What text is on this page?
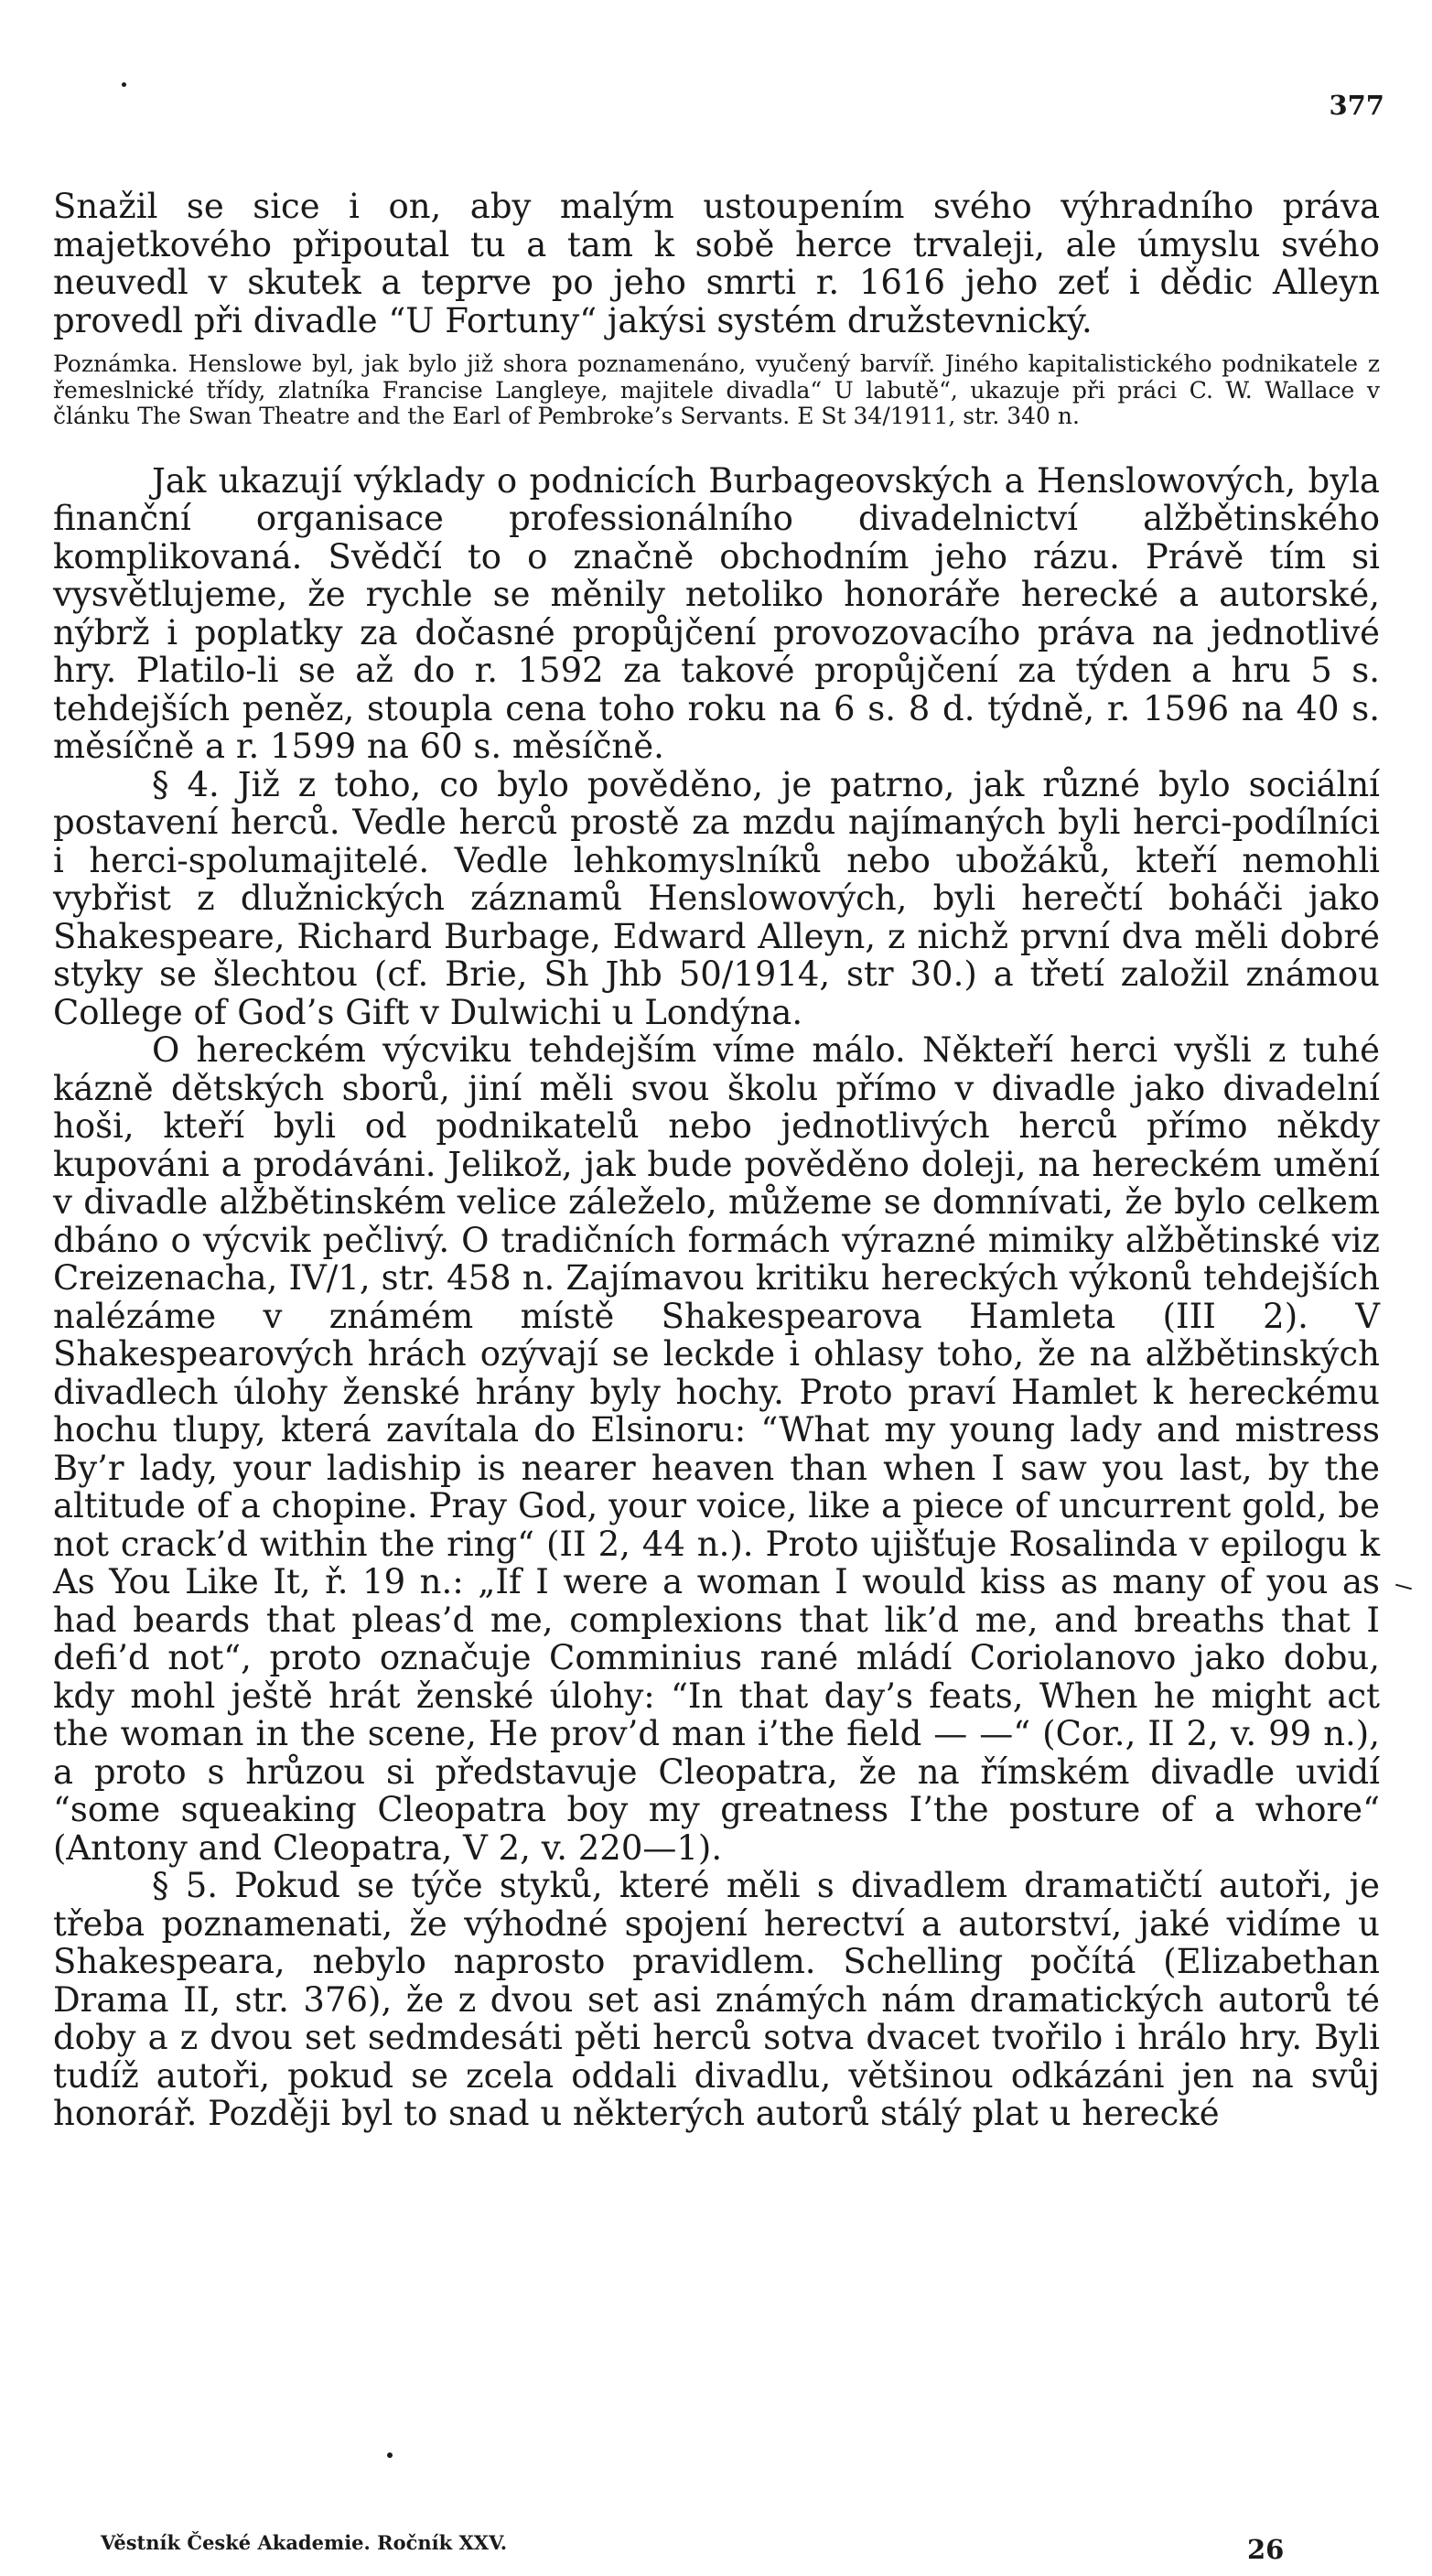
377

Snažil se sice i on, aby malým ustoupením svého výhradního práva majetkového připoutal tu a tam k sobě herce trvaleji, ale úmyslu svého neuvedl v skutek a teprve po jeho smrti r. 1616 jeho zeť i dědic Alleyn provedl při divadle “U Fortuny“ jakýsi systém družstevnický.

Poznámka. Henslowe byl, jak bylo již shora poznamenáno, vyučený barvíř. Jiného kapitalistického podnikatele z řemeslnické třídy, zlatníka Francise Langleye, majitele divadla“ U labutě“, ukazuje při práci C. W. Wallace v článku The Swan Theatre and the Earl of Pembroke’s Servants. E St 34/1911, str. 340 n.

Jak ukazují výklady o podnicích Burbageovských a Henslowových, byla finanční organisace professionálního divadelnictví alžbětinského komplikovaná. Svědčí to o značně obchodním jeho rázu. Právě tím si vysvětlujeme, že rychle se měnily netoliko honoráře herecké a autorské, nýbrž i poplatky za dočasné propůjčení provozovacího práva na jednotlivé hry. Platilo-li se až do r. 1592 za takové propůjčení za týden a hru 5 s. tehdejších peněz, stoupla cena toho roku na 6 s. 8 d. týdně, r. 1596 na 40 s. měsíčně a r. 1599 na 60 s. měsíčně.

§ 4. Již z toho, co bylo pověděno, je patrno, jak různé bylo sociální postavení herců. Vedle herců prostě za mzdu najímaných byli herci-podílníci i herci-spolumajitelé. Vedle lehkomyslníků nebo ubožáků, kteří nemohli vybřist z dlužnických záznamů Henslowových, byli herečtí boháči jako Shakespeare, Richard Burbage, Edward Alleyn, z nichž první dva měli dobré styky se šlechtou (cf. Brie, Sh Jhb 50/1914, str 30.) a třetí založil známou College of God’s Gift v Dulwichi u Londýna.

O hereckém výcviku tehdejším víme málo. Někteří herci vyšli z tuhé kázně dětských sborů, jiní měli svou školu přímo v divadle jako divadelní hoši, kteří byli od podnikatelů nebo jednotlivých herců přímo někdy kupováni a prodáváni. Jelikož, jak bude pověděno doleji, na hereckém umění v divadle alžbětinském velice záleželo, můžeme se domnívati, že bylo celkem dbáno o výcvik pečlivý. O tradičních formách výrazné mimiky alžbětinské viz Creizenacha, IV/1, str. 458 n. Zajímavou kritiku hereckých výkonů tehdejších nalézáme v známém místě Shakespearova Hamleta (III 2). V Shakespearových hrách ozývají se leckde i ohlasy toho, že na alžbětinských divadlech úlohy ženské hrány byly hochy. Proto praví Hamlet k hereckému hochu tlupy, která zavítala do Elsinoru: “What my young lady and mistress By’r lady, your ladiship is nearer heaven than when I saw you last, by the altitude of a chopine. Pray God, your voice, like a piece of uncurrent gold, be not crack’d within the ring“ (II 2, 44 n.). Proto ujišťuje Rosalinda v epilogu k As You Like It, ř. 19 n.: „If I were a woman I would kiss as many of you as had beards that pleas’d me, complexions that lik’d me, and breaths that I defi’d not“, proto označuje Comminius rané mládí Coriolanovo jako dobu, kdy mohl ještě hrát ženské úlohy: “In that day’s feats, When he might act the woman in the scene, He prov’d man i’the field — —“ (Cor., II 2, v. 99 n.), a proto s hrůzou si představuje Cleopatra, že na římském divadle uvidí “some squeaking Cleopatra boy my greatness I’the posture of a whore“ (Antony and Cleopatra, V 2, v. 220—1).

§ 5. Pokud se týče styků, které měli s divadlem dramatičtí autoři, je třeba poznamenati, že výhodné spojení herectví a autorství, jaké vidíme u Shakespeara, nebylo naprosto pravidlem. Schelling počítá (Elizabethan Drama II, str. 376), že z dvou set asi známých nám dramatických autorů té doby a z dvou set sedmdesáti pěti herců sotva dvacet tvořilo i hrálo hry. Byli tudíž autoři, pokud se zcela oddali divadlu, většinou odkázáni jen na svůj honorář. Později byl to snad u některých autorů stálý plat u herecké

Věstník České Akademie. Ročník XXV.	26
